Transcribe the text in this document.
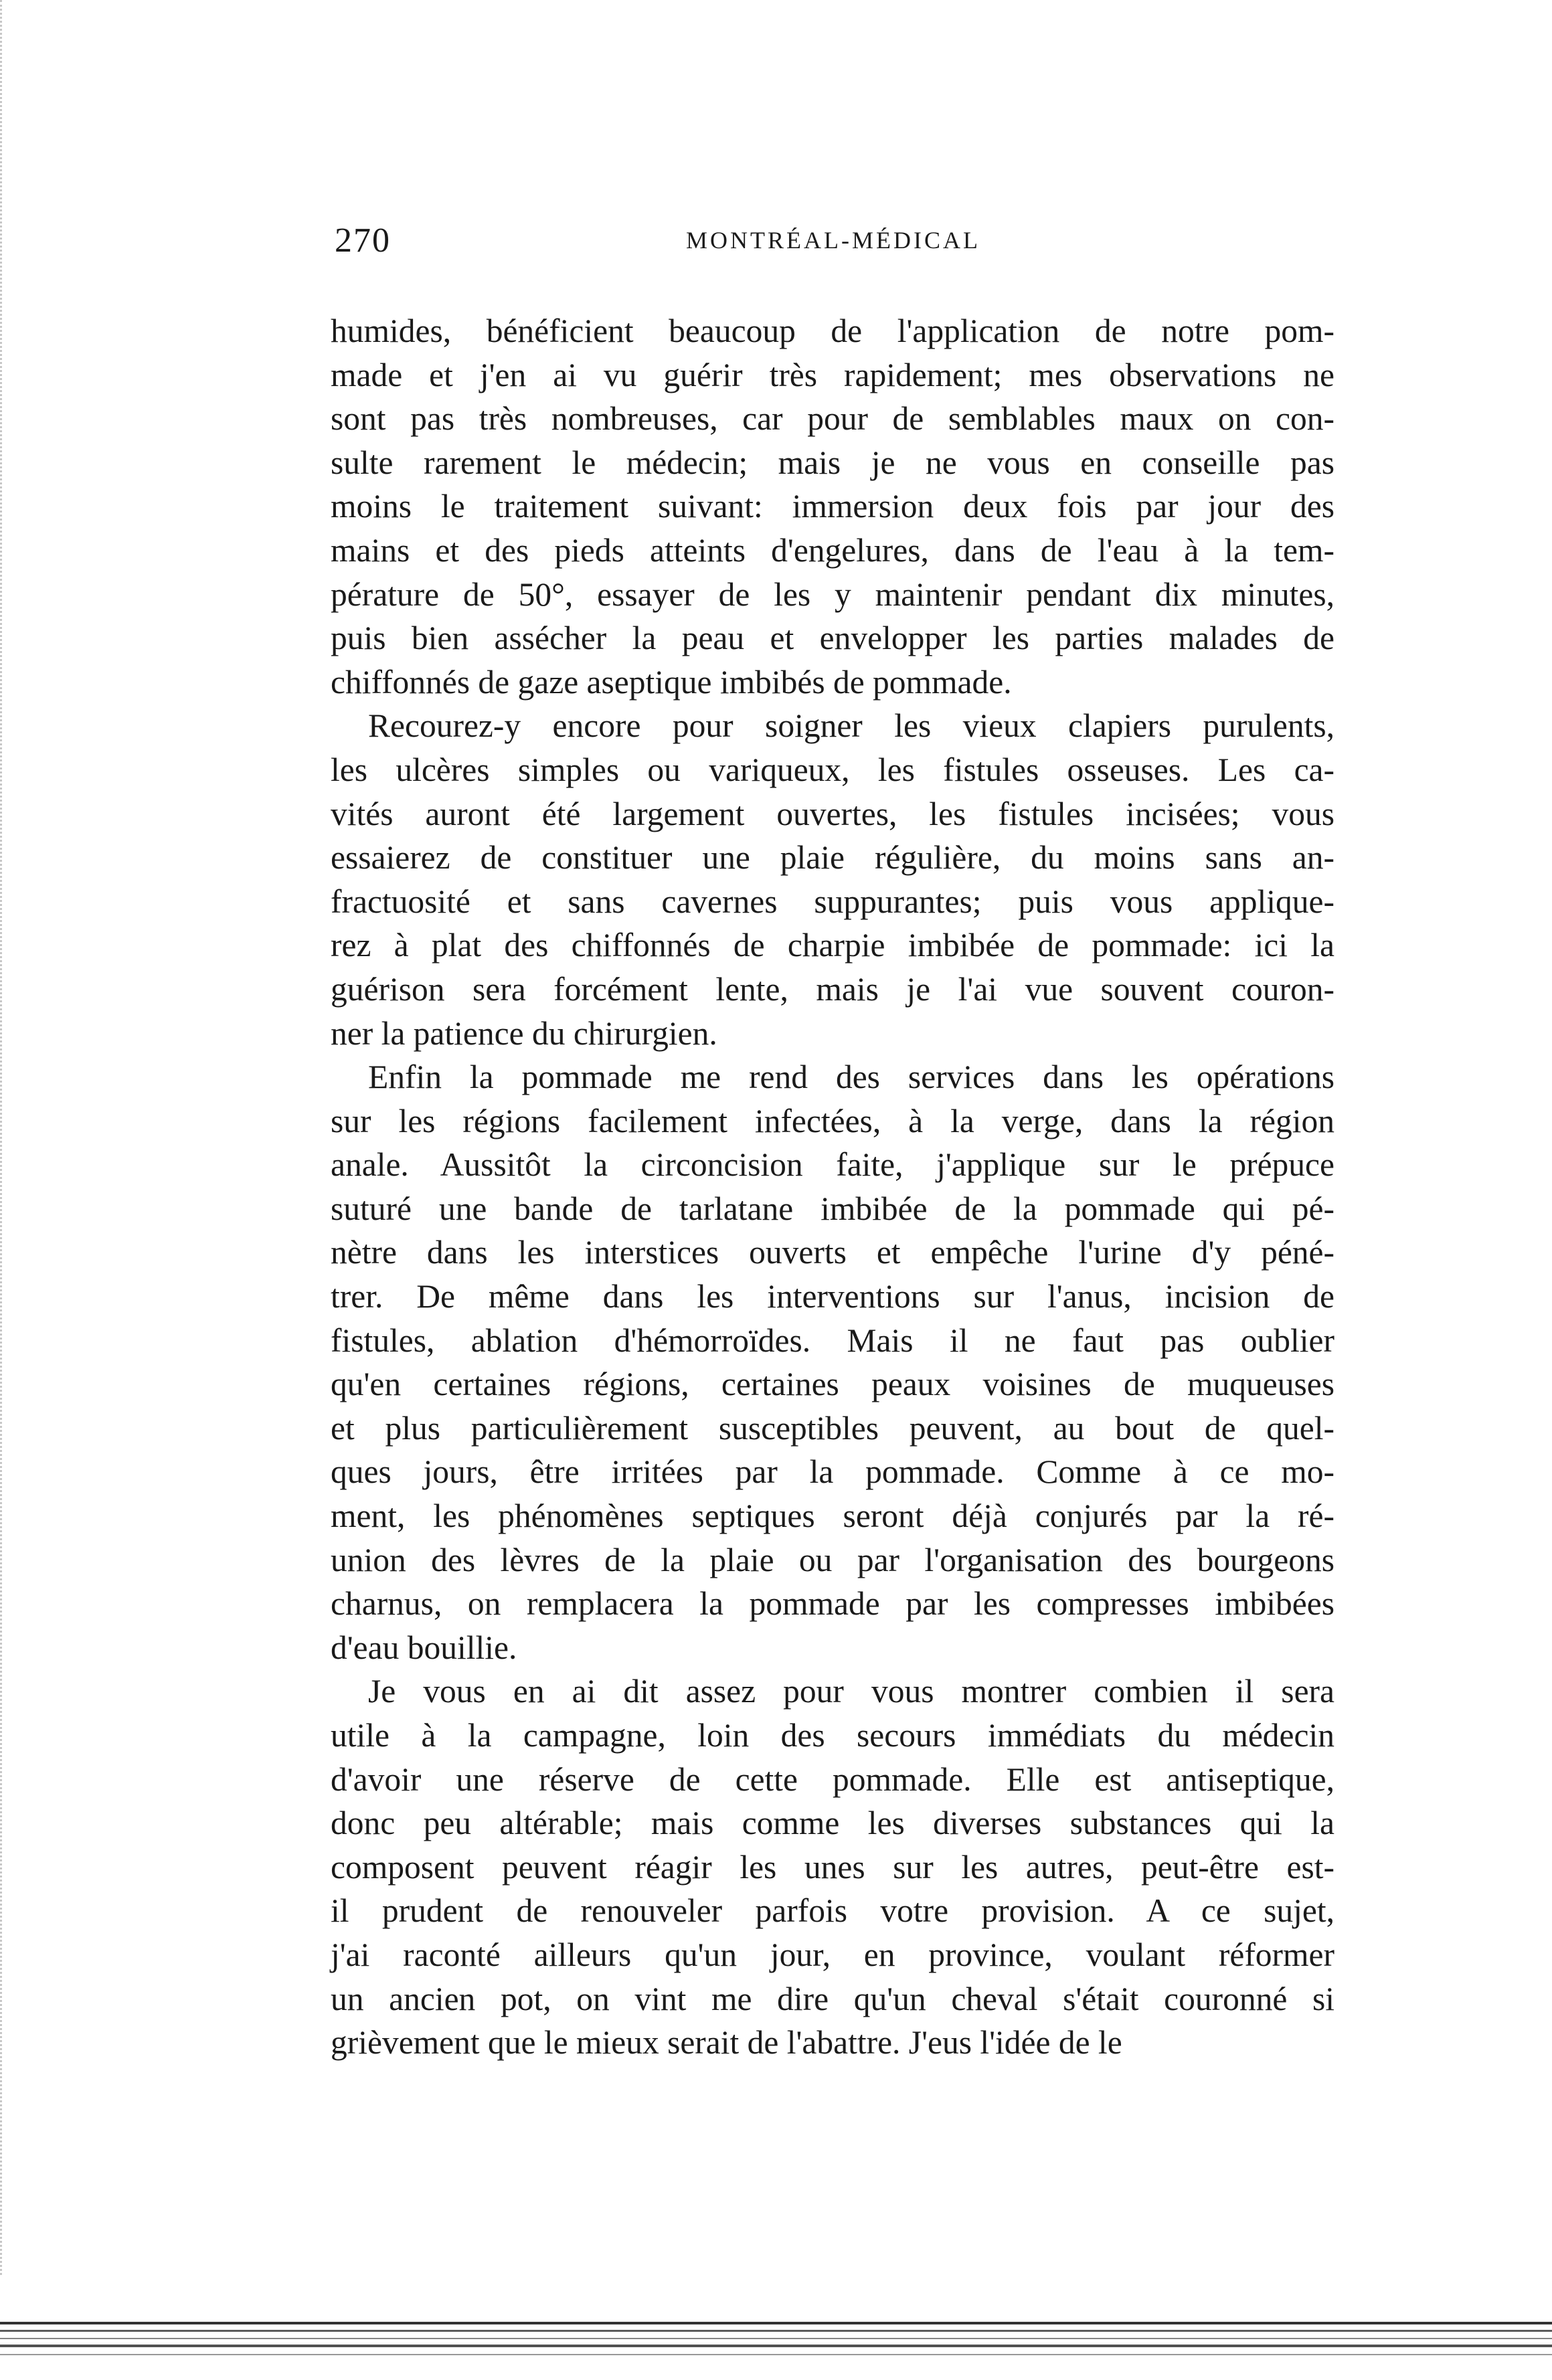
270	MONTRÉAL-MÉDICAL

humides, bénéficient beaucoup de l'application de notre pom-
made et j'en ai vu guérir très rapidement; mes observations ne
sont pas très nombreuses, car pour de semblables maux on con-
sulte rarement le médecin; mais je ne vous en conseille pas
moins le traitement suivant: immersion deux fois par jour des
mains et des pieds atteints d'engelures, dans de l'eau à la tem-
pérature de 50°, essayer de les y maintenir pendant dix minutes,
puis bien assécher la peau et envelopper les parties malades de
chiffonnés de gaze aseptique imbibés de pommade.

Recourez-y encore pour soigner les vieux clapiers purulents,
les ulcères simples ou variqueux, les fistules osseuses. Les ca-
vités auront été largement ouvertes, les fistules incisées; vous
essaierez de constituer une plaie régulière, du moins sans an-
fractuosité et sans cavernes suppurantes; puis vous applique-
rez à plat des chiffonnés de charpie imbibée de pommade: ici la
guérison sera forcément lente, mais je l'ai vue souvent couron-
ner la patience du chirurgien.

Enfin la pommade me rend des services dans les opérations
sur les régions facilement infectées, à la verge, dans la région
anale. Aussitôt la circoncision faite, j'applique sur le prépuce
suturé une bande de tarlatane imbibée de la pommade qui pé-
nètre dans les interstices ouverts et empêche l'urine d'y péné-
trer. De même dans les interventions sur l'anus, incision de
fistules, ablation d'hémorroïdes. Mais il ne faut pas oublier
qu'en certaines régions, certaines peaux voisines de muqueuses
et plus particulièrement susceptibles peuvent, au bout de quel-
ques jours, être irritées par la pommade. Comme à ce mo-
ment, les phénomènes septiques seront déjà conjurés par la ré-
union des lèvres de la plaie ou par l'organisation des bourgeons
charnus, on remplacera la pommade par les compresses imbibées
d'eau bouillie.

Je vous en ai dit assez pour vous montrer combien il sera
utile à la campagne, loin des secours immédiats du médecin
d'avoir une réserve de cette pommade. Elle est antiseptique,
donc peu altérable; mais comme les diverses substances qui la
composent peuvent réagir les unes sur les autres, peut-être est-
il prudent de renouveler parfois votre provision. A ce sujet,
j'ai raconté ailleurs qu'un jour, en province, voulant réformer
un ancien pot, on vint me dire qu'un cheval s'était couronné si
grièvement que le mieux serait de l'abattre. J'eus l'idée de le
